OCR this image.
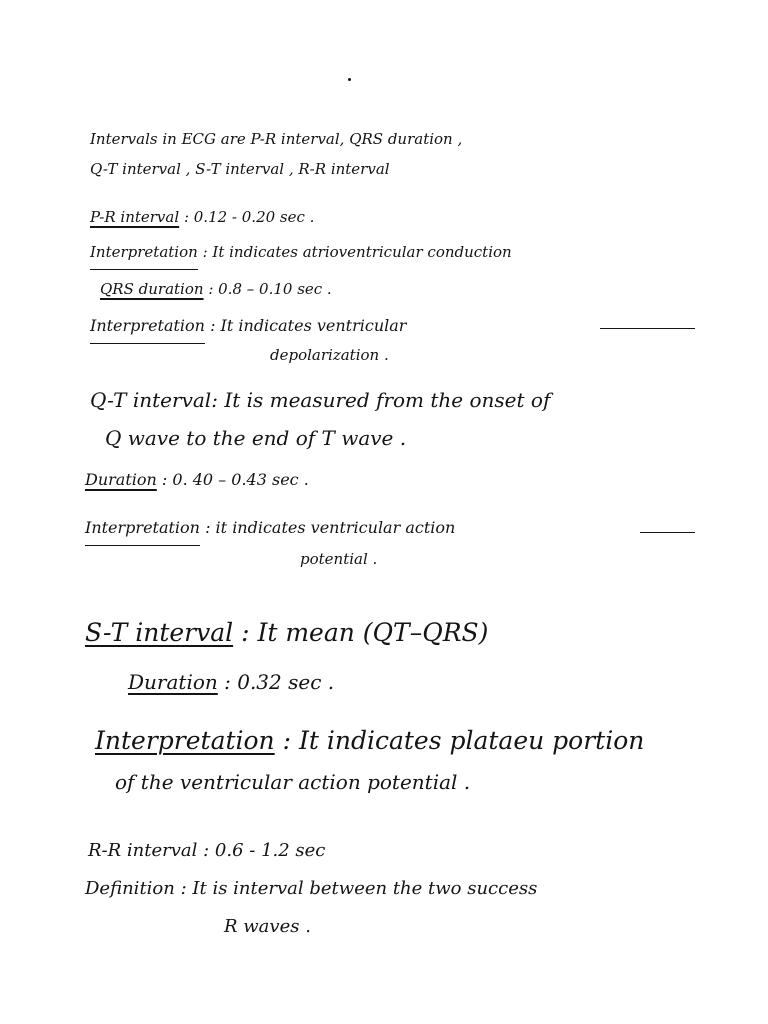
Intervals in ECG are P-R interval, QRS duration ,
Q-T interval , S-T interval , R-R interval
P-R interval : 0.12 - 0.20 sec .
Interpretation : It indicates atrioventricular conduction
QRS duration : 0.8 – 0.10 sec .
Interpretation : It indicates ventricular
depolarization .
Q-T interval: It is measured from the onset of
Q wave to the end of T wave .
Duration : 0. 40 – 0.43 sec .
Interpretation : it indicates ventricular action
potential .
S-T interval : It mean (QT–QRS)
Duration : 0.32 sec .
Interpretation : It indicates plataeu portion
of the ventricular action potential .
R-R interval : 0.6 - 1.2 sec
Definition : It is interval between the two success
R waves .
